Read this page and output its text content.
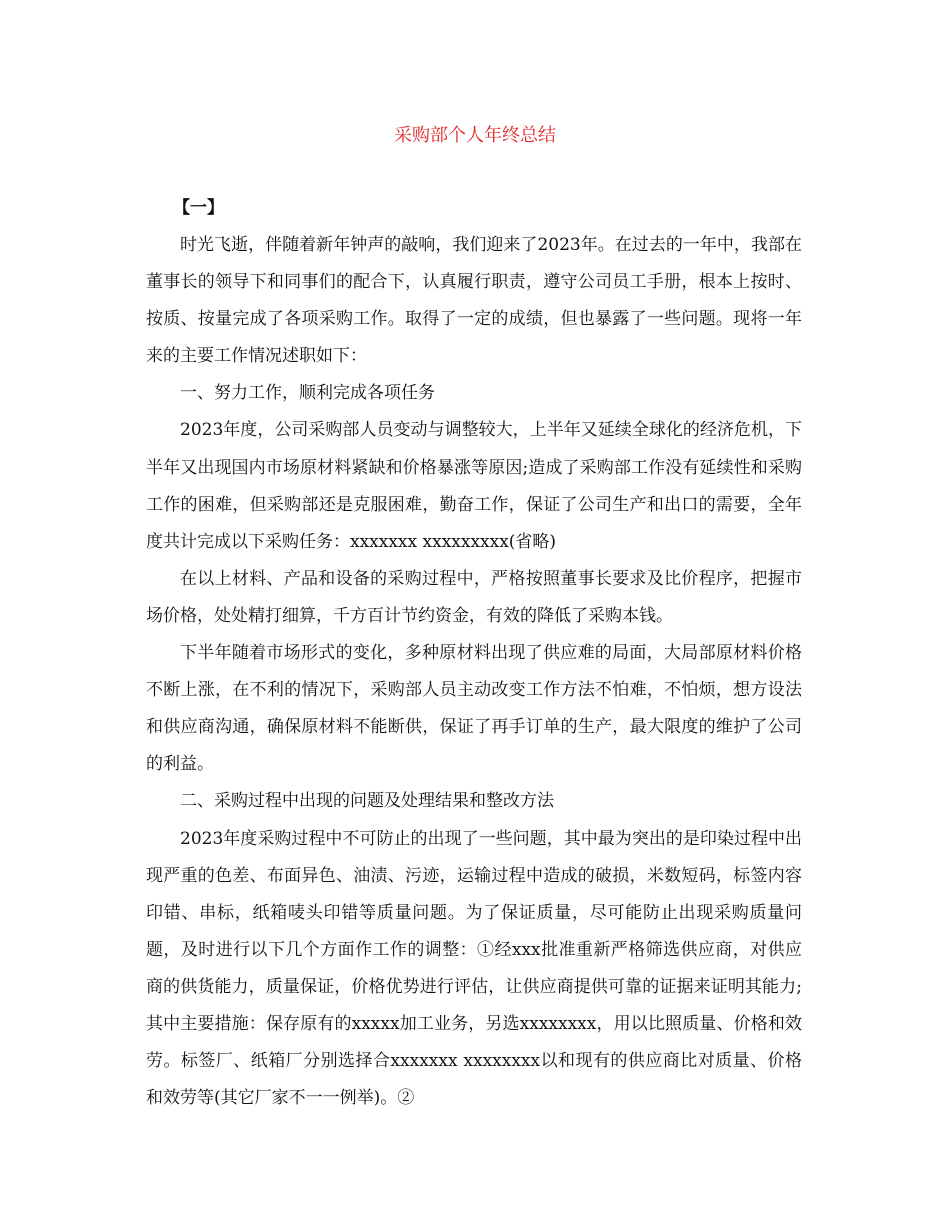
采购部个人年终总结
【一】

时光飞逝，伴随着新年钟声的敲响，我们迎来了2023年。在过去的一年中，我部在董事长的领导下和同事们的配合下，认真履行职责，遵守公司员工手册，根本上按时、按质、按量完成了各项采购工作。取得了一定的成绩，但也暴露了一些问题。现将一年来的主要工作情况述职如下：

一、努力工作，顺利完成各项任务

2023年度，公司采购部人员变动与调整较大，上半年又延续全球化的经济危机，下半年又出现国内市场原材料紧缺和价格暴涨等原因;造成了采购部工作没有延续性和采购工作的困难，但采购部还是克服困难，勤奋工作，保证了公司生产和出口的需要，全年度共计完成以下采购任务：xxxxxxx xxxxxxxxx(省略)

在以上材料、产品和设备的采购过程中，严格按照董事长要求及比价程序，把握市场价格，处处精打细算，千方百计节约资金，有效的降低了采购本钱。

下半年随着市场形式的变化，多种原材料出现了供应难的局面，大局部原材料价格不断上涨，在不利的情况下，采购部人员主动改变工作方法不怕难，不怕烦，想方设法和供应商沟通，确保原材料不能断供，保证了再手订单的生产，最大限度的维护了公司的利益。

二、采购过程中出现的问题及处理结果和整改方法

2023年度采购过程中不可防止的出现了一些问题，其中最为突出的是印染过程中出现严重的色差、布面异色、油渍、污迹，运输过程中造成的破损，米数短码，标签内容印错、串标，纸箱唛头印错等质量问题。为了保证质量，尽可能防止出现采购质量问题，及时进行以下几个方面作工作的调整：①经xxx批准重新严格筛选供应商，对供应商的供货能力，质量保证，价格优势进行评估，让供应商提供可靠的证据来证明其能力;其中主要措施：保存原有的xxxxx加工业务，另选xxxxxxxx，用以比照质量、价格和效劳。标签厂、纸箱厂分别选择合xxxxxxx xxxxxxxx以和现有的供应商比对质量、价格和效劳等(其它厂家不一一例举)。②
